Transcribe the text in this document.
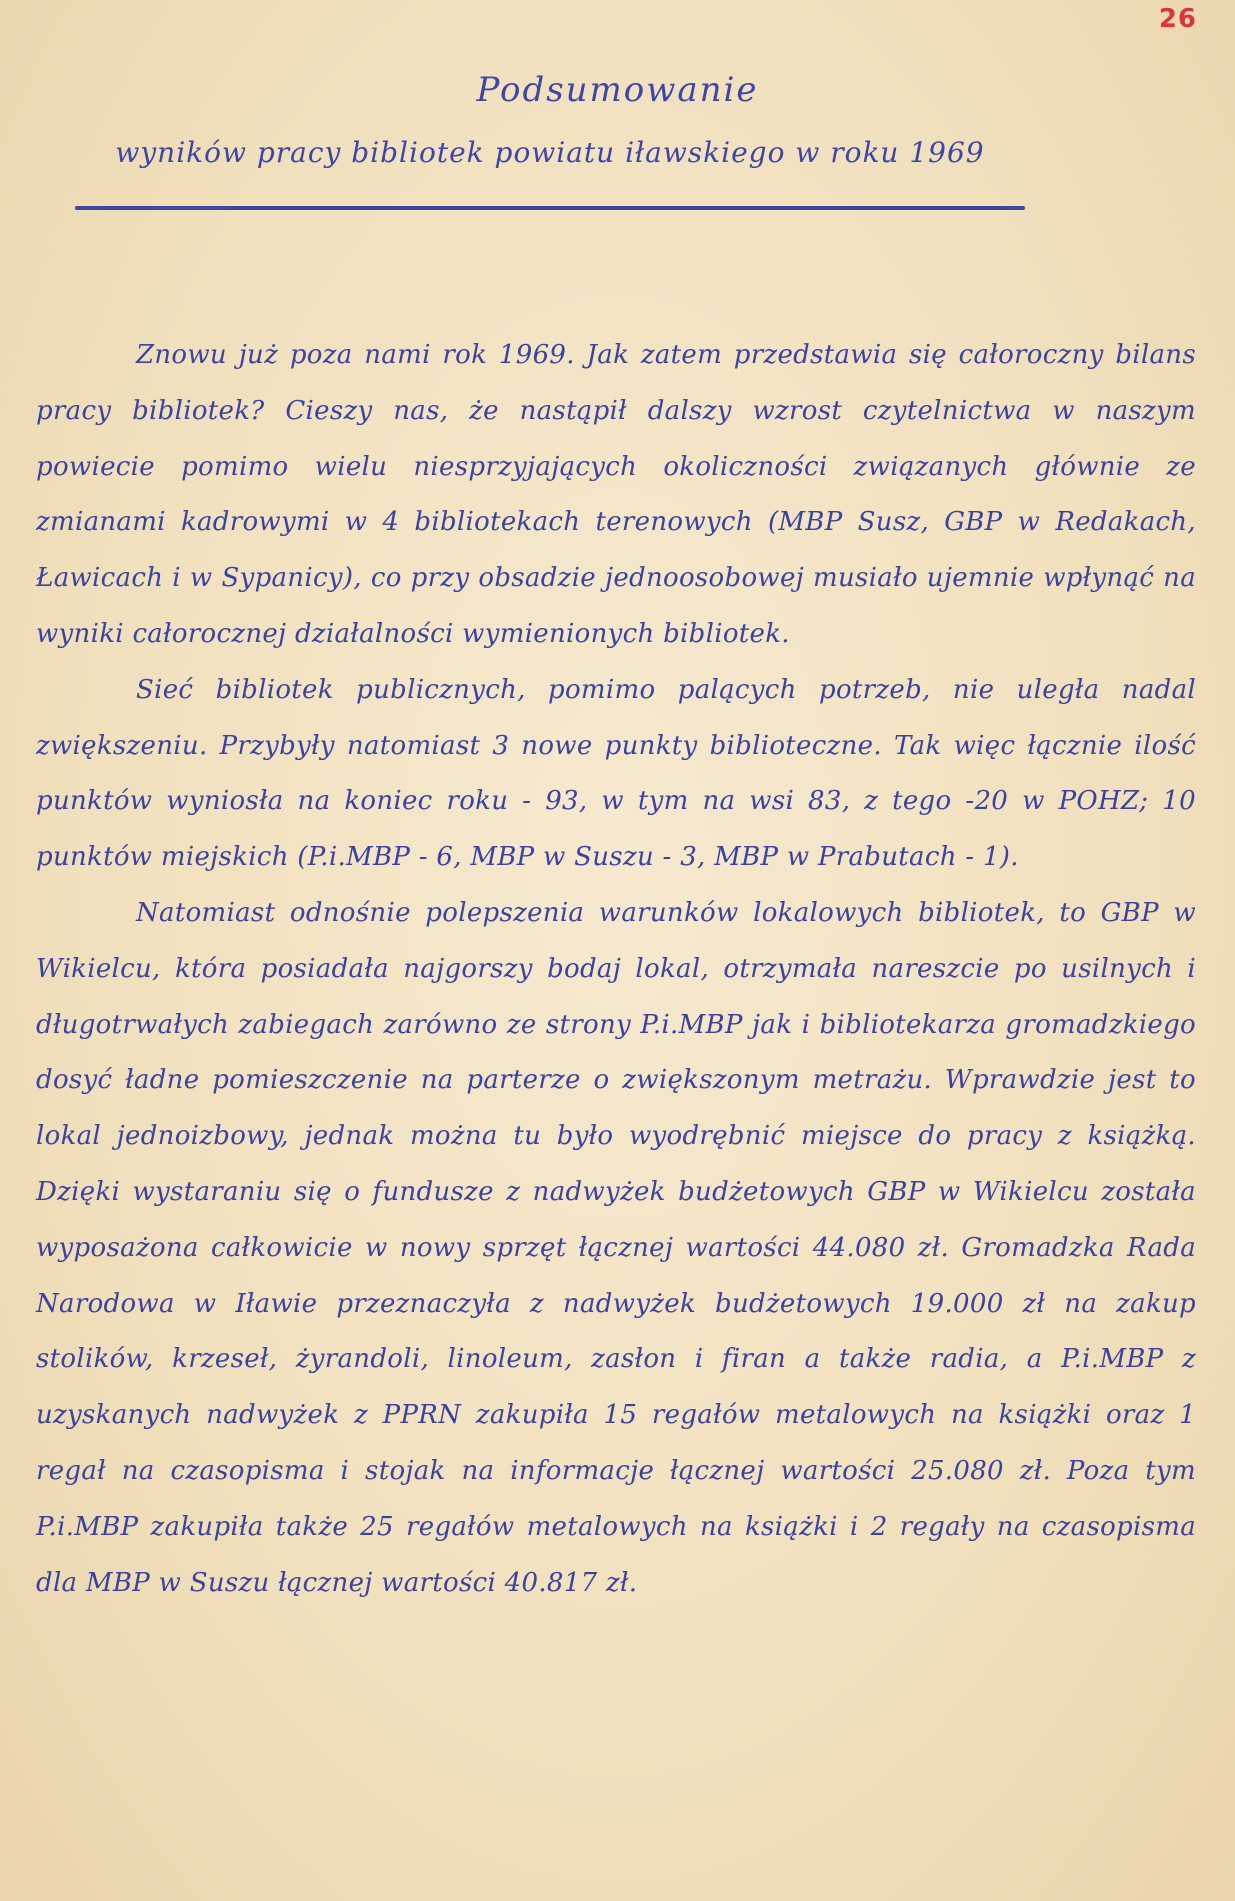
26
Podsumowanie
wyników pracy bibliotek powiatu iławskiego w roku 1969

Znowu już poza nami rok 1969. Jak zatem przedstawia się całoroczny bilans pracy bibliotek? Cieszy nas, że nastąpił dalszy wzrost czytelnictwa w naszym powiecie pomimo wielu niesprzyjających okoliczności związanych głównie ze zmianami kadrowymi w 4 bibliotekach terenowych (MBP Susz, GBP w Redakach, Ławicach i w Sypanicy), co przy obsadzie jednoosobowej musiało ujemnie wpłynąć na wyniki całorocznej działalności wymienionych bibliotek.

Sieć bibliotek publicznych, pomimo palących potrzeb, nie uległa nadal zwiększeniu. Przybyły natomiast 3 nowe punkty biblioteczne. Tak więc łącznie ilość punktów wyniosła na koniec roku - 93, w tym na wsi 83, z tego -20 w POHZ; 10 punktów miejskich (P.i.MBP - 6, MBP w Suszu - 3, MBP w Prabutach - 1).

Natomiast odnośnie polepszenia warunków lokalowych bibliotek, to GBP w Wikielcu, która posiadała najgorszy bodaj lokal, otrzymała nareszcie po usilnych i długotrwałych zabiegach zarówno ze strony P.i.MBP jak i bibliotekarza gromadzkiego dosyć ładne pomieszczenie na parterze o zwiększonym metrażu. Wprawdzie jest to lokal jednoizbowy, jednak można tu było wyodrębnić miejsce do pracy z książką. Dzięki wystaraniu się o fundusze z nadwyżek budżetowych GBP w Wikielcu została wyposażona całkowicie w nowy sprzęt łącznej wartości 44.080 zł. Gromadzka Rada Narodowa w Iławie przeznaczyła z nadwyżek budżetowych 19.000 zł na zakup stolików, krzeseł, żyrandoli, linoleum, zasłon i firan a także radia, a P.i.MBP z uzyskanych nadwyżek z PPRN zakupiła 15 regałów metalowych na książki oraz 1 regał na czasopisma i stojak na informacje łącznej wartości 25.080 zł. Poza tym P.i.MBP zakupiła także 25 regałów metalowych na książki i 2 regały na czasopisma dla MBP w Suszu łącznej wartości 40.817 zł.
